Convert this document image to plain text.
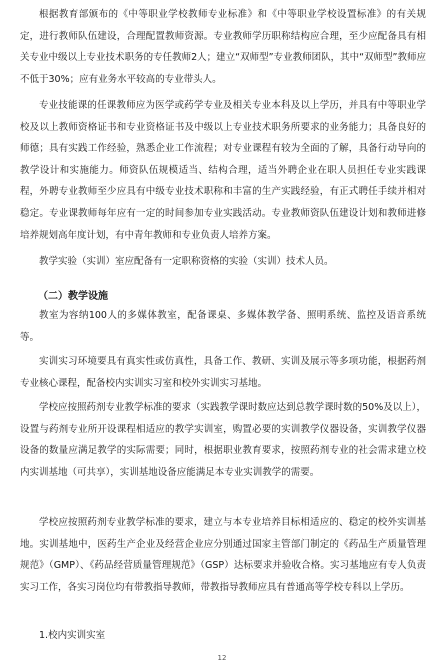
根据教育部颁布的《中等职业学校教师专业标准》和《中等职业学校设置标准》的有关规定，进行教师队伍建设，合理配置教师资源。专业教师学历职称结构应合理，至少应配备具有相关专业中级以上专业技术职务的专任教师2人；建立“双师型”专业教师团队，其中“双师型”教师应不低于30%；应有业务水平较高的专业带头人。

专业技能课的任课教师应为医学或药学专业及相关专业本科及以上学历，并具有中等职业学校及以上教师资格证书和专业资格证书及中级以上专业技术职务所要求的业务能力；具备良好的师德；具有实践工作经验，熟悉企业工作流程；对专业课程有较为全面的了解，具备行动导向的教学设计和实施能力。师资队伍规模适当、结构合理，适当外聘企业在职人员担任专业实践课程，外聘专业教师至少应具有中级专业技术职称和丰富的生产实践经验，有正式聘任手续并相对稳定。专业课教师每年应有一定的时间参加专业实践活动。专业教师资队伍建设计划和教师进修培养规划高年度计划，有中青年教师和专业负责人培养方案。

教学实验（实训）室应配备有一定职称资格的实验（实训）技术人员。

（二）教学设施

教室为容纳100人的多媒体教室，配备课桌、多媒体教学备、照明系统、监控及语音系统等。

实训实习环境要具有真实性或仿真性，具备工作、教研、实训及展示等多项功能，根据药剂专业核心课程，配备校内实训实习室和校外实训实习基地。

学校应按照药剂专业教学标准的要求（实践教学课时数应达到总教学课时数的50%及以上），设置与药剂专业所开设课程相适应的教学实训室，购置必要的实训教学仪器设备，实训教学仪器设备的数量应满足教学的实际需要；同时，根据职业教育要求，按照药剂专业的社会需求建立校内实训基地（可共享），实训基地设备应能满足本专业实训教学的需要。

学校应按照药剂专业教学标准的要求，建立与本专业培养目标相适应的、稳定的校外实训基地。实训基地中，医药生产企业及经营企业应分别通过国家主管部门制定的《药品生产质量管理规范》（GMP）、《药品经营质量管理规范》（GSP）达标要求并验收合格。实习基地应有专人负责实习工作，各实习岗位均有带教指导教师，带教指导教师应具有普通高等学校专科以上学历。

1.校内实训实室

12
